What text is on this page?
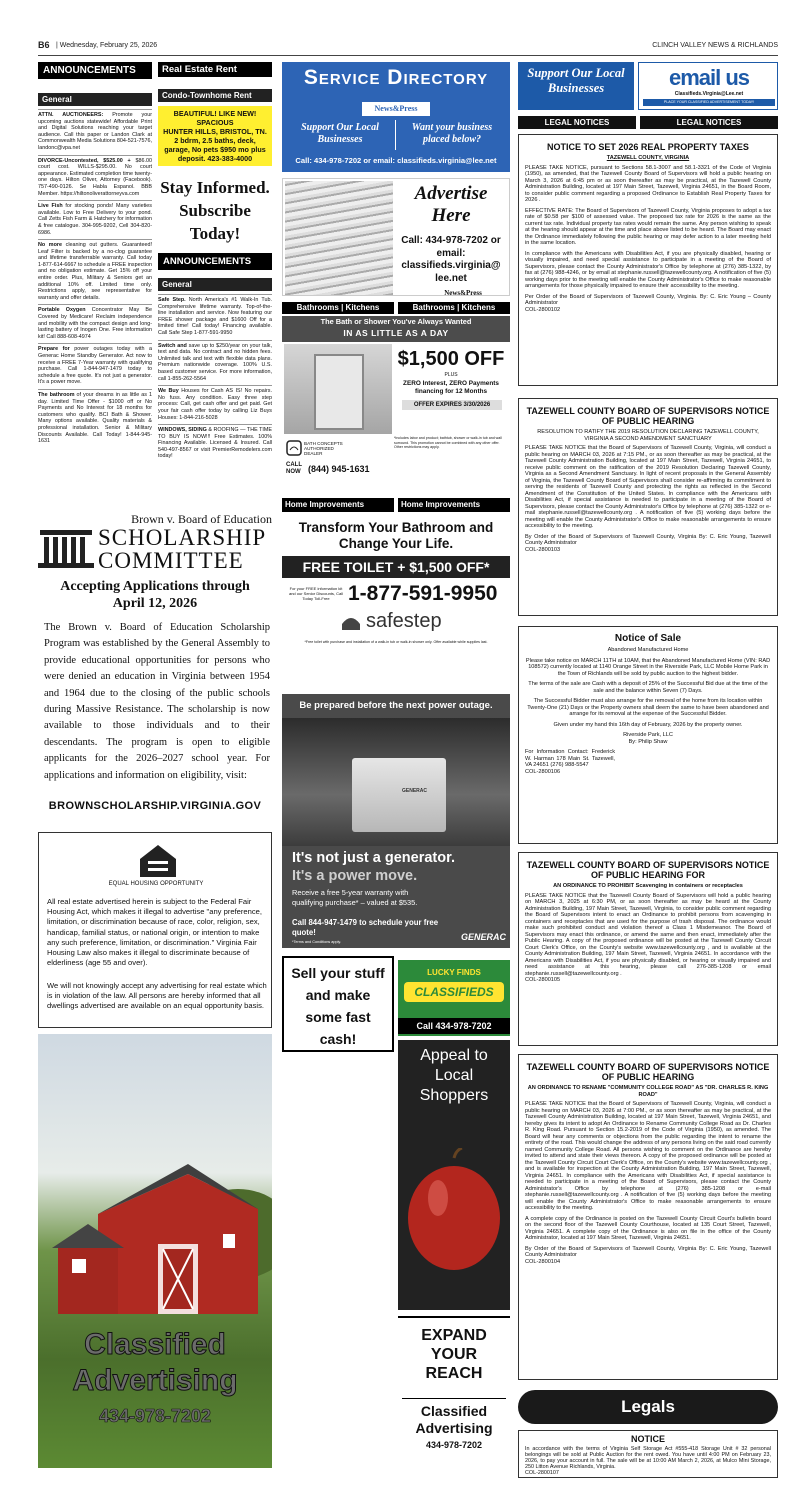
B6 | Wednesday, February 25, 2026	CLINCH VALLEY NEWS & RICHLANDS
ANNOUNCEMENTS
General

ATTN. AUCTIONEERS: Promote your upcoming auctions statewide! Affordable Print and Digital Solutions reaching your target audience. Call this paper or Landon Clark at Commonwealth Media Solutions 804-521-7576, landonc@vpa.net

DIVORCE-Uncontested, $525.00 + $86.00 court cost. WILLS-$295.00. No court appearance. Estimated completion time twenty-one days. Hilton Oliver, Attorney (Facebook). 757-490-0126. Se Habla Espanol. BBB Member. https://hiltonoliverattorneyva.com

Live Fish for stocking ponds! Many varieties available. Low to Free Delivery to your pond. Call Zetts Fish Farm & Hatchery for information & free catalogue. 304-995-9202, Cell 304-820-6986.

No more cleaning out gutters. Guaranteed! Leaf Filter is backed by a no-clog guarantee and lifetime transferrable warranty. Call today 1-877-614-6667 to schedule a FREE inspection and no obligation estimate. Get 15% off your entire order. Plus, Military & Seniors get an additional 10% off. Limited time only. Restrictions apply, see representative for warranty and offer details.

Portable Oxygen Concentrator May Be Covered by Medicare! Reclaim independence and mobility with the compact design and long-lasting battery of Inogen One. Free information kit! Call 888-608-4974

Prepare for power outages today with a Generac Home Standby Generator. Act now to receive a FREE 7-Year warranty with qualifying purchase. Call 1-844-947-1479 today to schedule a free quote. It's not just a generator. It's a power move.

The bathroom of your dreams in as little as 1 day. Limited Time Offer - $1000 off or No Payments and No Interest for 18 months for customers who qualify. BCI Bath & Shower. Many options available. Quality materials & professional installation. Senior & Military Discounts Available. Call Today! 1-844-945-1631

Real Estate Rent
Condo-Townhome Rent
BEAUTIFUL! LIKE NEW! SPACIOUS
HUNTER HILLS, BRISTOL, TN. 2 bdrm, 2.5 baths, deck, garage, No pets $950 mo plus deposit. 423-383-4000
Stay Informed.
Subscribe
Today!
ANNOUNCEMENTS
General

Safe Step. North America's #1 Walk-In Tub. Comprehensive lifetime warranty. Top-of-the-line installation and service. Now featuring our FREE shower package and $1600 Off for a limited time! Call today! Financing available. Call Safe Step 1-877-591-9950

Switch and save up to $250/year on your talk, text and data. No contract and no hidden fees. Unlimited talk and text with flexible data plans. Premium nationwide coverage. 100% U.S. based customer service. For more information, call 1-855-262-5564

We Buy Houses for Cash AS IS! No repairs. No fuss. Any condition. Easy three step process: Call, get cash offer and get paid. Get your fair cash offer today by calling Liz Buys Houses: 1-844-216-5028

WINDOWS, SIDING & ROOFING — THE TIME TO BUY IS NOW!!! Free Estimates. 100% Financing Available. Licensed & Insured. Call 540-497-8567 or visit PremierRemodelers.com today!

Brown v. Board of Education
SCHOLARSHIP
COMMITTEE
Accepting Applications through April 12, 2026
The Brown v. Board of Education Scholarship Program was established by the General Assembly to provide educational opportunities for persons who were denied an education in Virginia between 1954 and 1964 due to the closing of the public schools during Massive Resistance. The scholarship is now available to those individuals and to their descendants. The program is open to eligible applicants for the 2026–2027 school year. For applications and information on eligibility, visit:
BROWNSCHOLARSHIP.VIRGINIA.GOV
EQUAL HOUSING OPPORTUNITY
All real estate advertised herein is subject to the Federal Fair Housing Act, which makes it illegal to advertise "any preference, limitation, or discrimination because of race, color, religion, sex, handicap, familial status, or national origin, or intention to make any such preference, limitation, or discrimination." Virginia Fair Housing Law also makes it illegal to discriminate because of elderliness (age 55 and over).
We will not knowingly accept any advertising for real estate which is in violation of the law. All persons are hereby informed that all dwellings advertised are available on an equal opportunity basis.
Classified
Advertising
434-978-7202
Service Directory
News&Press
Support Our Local Businesses
Want your business placed below?
Call: 434-978-7202 or email: classifieds.virginia@lee.net
Advertise
Here
Call: 434-978-7202 or email: classifieds.virginia@ lee.net
News&Press
Bathrooms | Kitchens	Bathrooms | Kitchens
The Bath or Shower You've Always Wanted
IN AS LITTLE AS A DAY
$1,500 OFF
PLUS
ZERO Interest, ZERO Payments financing for 12 Months
OFFER EXPIRES 3/30/2026
BATH CONCEPTS AUTHORIZED DEALER
CALL NOW (844) 945-1631
*Includes labor and product; bathtub, shower or walk-in tub and wall surround. This promotion cannot be combined with any other offer. Other restrictions may apply.
Home Improvements	Home Improvements
Transform Your Bathroom and Change Your Life.
FREE TOILET + $1,500 OFF*
For your FREE information kit and our Senior Discounts, Call Today Toll-Free 1-877-591-9950
safestep
*Free toilet with purchase and installation of a walk-in tub or walk-in shower only. Offer available while supplies last.
Be prepared before the next power outage.
GENERAC
It's not just a generator.
It's a power move.
Receive a free 5-year warranty with qualifying purchase* – valued at $535.
Call 844-947-1479 to schedule your free quote!
*Terms and Conditions apply.	GENERAC
Sell your stuff and make some fast cash!
LUCKY FINDS
CLASSIFIEDS
Call 434-978-7202
Appeal to Local Shoppers
EXPAND
YOUR
REACH
Classified Advertising
434-978-7202
Support Our Local Businesses	email us
Classifieds.Virginia@Lee.net
PLACE YOUR CLASSIFIED ADVERTISEMENT TODAY!
LEGAL NOTICES	LEGAL NOTICES
NOTICE TO SET 2026 REAL PROPERTY TAXES
TAZEWELL COUNTY, VIRGINIA

PLEASE TAKE NOTICE, pursuant to Sections 58.1-3007 and 58.1-3321 of the Code of Virginia (1950), as amended, that the Tazewell County Board of Supervisors will hold a public hearing on March 3, 2026 at 6:45 pm or as soon thereafter as may be practical, at the Tazewell County Administration Building, located at 197 Main Street, Tazewell, Virginia 24651, in the Board Room, to consider public comment regarding a proposed Ordinance to Establish Real Property Taxes for 2026 .

EFFECTIVE RATE: The Board of Supervisors of Tazewell County, Virginia proposes to adopt a tax rate of $0.58 per $100 of assessed value. The proposed tax rate for 2026 is the same as the current tax rate. Individual property tax rates would remain the same. Any person wishing to speak at the hearing should appear at the time and place above listed to be heard. The Board may enact the Ordinance immediately following the public hearing or may defer action to a later meeting held in the same location.

In compliance with the Americans with Disabilities Act, if you are physically disabled, hearing or visually impaired, and need special assistance to participate in a meeting of the Board of Supervisors, please contact the County Administrator's Office by telephone at (276) 385-1322, by fax at (276) 988-4246, or by email at stephanie.russell@tazewellcounty.org. A notification of five (5) working days prior to the meeting will enable the County Administrator's Office to make reasonable arrangements for those physically impaired to ensure their accessibility to the meeting.

Per Order of the Board of Supervisors of Tazewell County, Virginia. By: C. Eric Young – County Administrator

COL-2800102
TAZEWELL COUNTY BOARD OF SUPERVISORS NOTICE OF PUBLIC HEARING
RESOLUTION TO RATIFY THE 2019 RESOLUTION DECLARING TAZEWELL COUNTY, VIRGINIA A SECOND AMENDMENT SANCTUARY

PLEASE TAKE NOTICE that the Board of Supervisors of Tazewell County, Virginia, will conduct a public hearing on MARCH 03, 2026 at 7:15 PM., or as soon thereafter as may be practical, at the Tazewell County Administration Building, located at 197 Main Street, Tazewell, Virginia 24651, to receive public comment on the ratification of the 2019 Resolution Declaring Tazewell County, Virginia as a Second Amendment Sanctuary. In light of recent proposals in the General Assembly of Virginia, the Tazewell County Board of Supervisors shall consider re-affirming its commitment to serving the residents of Tazewell County and protecting the rights as reflected in the Second Amendment of the Constitution of the United States. In compliance with the Americans with Disabilities Act, if special assistance is needed to participate in a meeting of the Board of Supervisors, please contact the County Administrator's Office by telephone at (276) 385-1322 or e-mail stephanie.russell@tazewellcounty.org . A notification of five (5) working days before the meeting will enable the County Administrator's Office to make reasonable arrangements to ensure accessibility to the meeting.

By Order of the Board of Supervisors of Tazewell County, Virginia By: C. Eric Young, Tazewell County Administrator

COL-2800103
Notice of Sale
Abandoned Manufactured Home

Please take notice on MARCH 11TH at 10AM, that the Abandoned Manufactured Home (VIN: RAD 108572) currently located at 1140 Orange Street in the Riverside Park, LLC Mobile Home Park in the Town of Richlands will be sold by public auction to the highest bidder.

The terms of the sale are Cash with a deposit of 25% of the Successful Bid due at the time of the sale and the balance within Seven (7) Days.

The Successful Bidder must also arrange for the removal of the home from its location within Twenty-One (21) Days or the Property owners shall deem the same to have been abandoned and arrange for its removal at the expense of the Successful Bidder.

Given under my hand this 16th day of February, 2026 by the property owner.

Riverside Park, LLC
By: Philip Shaw
For Information Contact: Frederick W. Harman 178 Main St. Tazewell, VA 24651 (276) 988-5547
COL-2800106
TAZEWELL COUNTY BOARD OF SUPERVISORS NOTICE OF PUBLIC HEARING FOR
AN ORDINANCE TO PROHIBIT Scavenging in containers or receptacles

PLEASE TAKE NOTICE that the Tazewell County Board of Supervisors will hold a public hearing on MARCH 3, 2025 at 6:30 PM, or as soon thereafter as may be heard at the County Administration Building, 197 Main Street, Tazewell, Virginia, to consider public comment regarding the Board of Supervisors intent to enact an Ordinance to prohibit persons from scavenging in containers and receptacles that are used for the purpose of trash disposal. The ordinance would make such prohibited conduct and violation thereof a Class 1 Misdemeanor. The Board of Supervisors may enact this ordinance, or amend the same and then enact, immediately after the Public Hearing. A copy of the proposed ordinance will be posted at the Tazewell County Circuit Court Clerk's Office, on the County's website www.tazewellcounty.org , and is available at the County Administration Building, 197 Main Street, Tazewell, Virginia 24651. In accordance with the Americans with Disabilities Act, if you are physically disabled, or hearing or visually impaired and need assistance at this hearing, please call 276-385-1208 or email stephanie.russell@tazewellcounty.org .

COL-2800105
TAZEWELL COUNTY BOARD OF SUPERVISORS NOTICE OF PUBLIC HEARING
AN ORDINANCE TO RENAME "COMMUNITY COLLEGE ROAD" AS "DR. CHARLES R. KING ROAD"

PLEASE TAKE NOTICE that the Board of Supervisors of Tazewell County, Virginia, will conduct a public hearing on MARCH 03, 2026 at 7:00 PM., or as soon thereafter as may be practical, at the Tazewell County Administration Building, located at 197 Main Street, Tazewell, Virginia 24651, and hereby gives its intent to adopt An Ordinance to Rename Community College Road as Dr. Charles R. King Road. Pursuant to Section 15.2-2019 of the Code of Virginia (1950), as amended. The Board will hear any comments or objections from the public regarding the intent to rename the entirety of the road. This would change the address of any persons living on the said road currently named Community College Road. All persons wishing to comment on the Ordinance are hereby invited to attend and state their views thereon. A copy of the proposed ordinance will be posted at the Tazewell County Circuit Court Clerk's Office, on the County's website www.tazewellcounty.org , and is available for inspection at the County Administration Building, 197 Main Street, Tazewell, Virginia 24651. In compliance with the Americans with Disabilities Act, if special assistance is needed to participate in a meeting of the Board of Supervisors, please contact the County Administrator's Office by telephone at (276) 385-1208 or e-mail stephanie.russell@tazewellcounty.org . A notification of five (5) working days before the meeting will enable the County Administrator's Office to make reasonable arrangements to ensure accessibility to the meeting.

A complete copy of the Ordinance is posted on the Tazewell County Circuit Court's bulletin board on the second floor of the Tazewell County Courthouse, located at 135 Court Street, Tazewell, Virginia 24651. A complete copy of the Ordinance is also on file in the office of the County Administrator, located at 197 Main Street, Tazewell, Virginia 24651.

By Order of the Board of Supervisors of Tazewell County, Virginia By: C. Eric Young, Tazewell County Administrator

COL-2800104
Legals
NOTICE

In accordance with the terms of Virginia Self Storage Act #555-418 Storage Unit # 32 personal belongings will be sold at Public Auction for the rent owed. You have until 4:00 PM on February 23, 2026, to pay your account in full. The sale will be at 10:00 AM March 2, 2026, at Mulco Mini Storage, 250 Litton Avenue Richlands, Virginia.

COL-2800107
